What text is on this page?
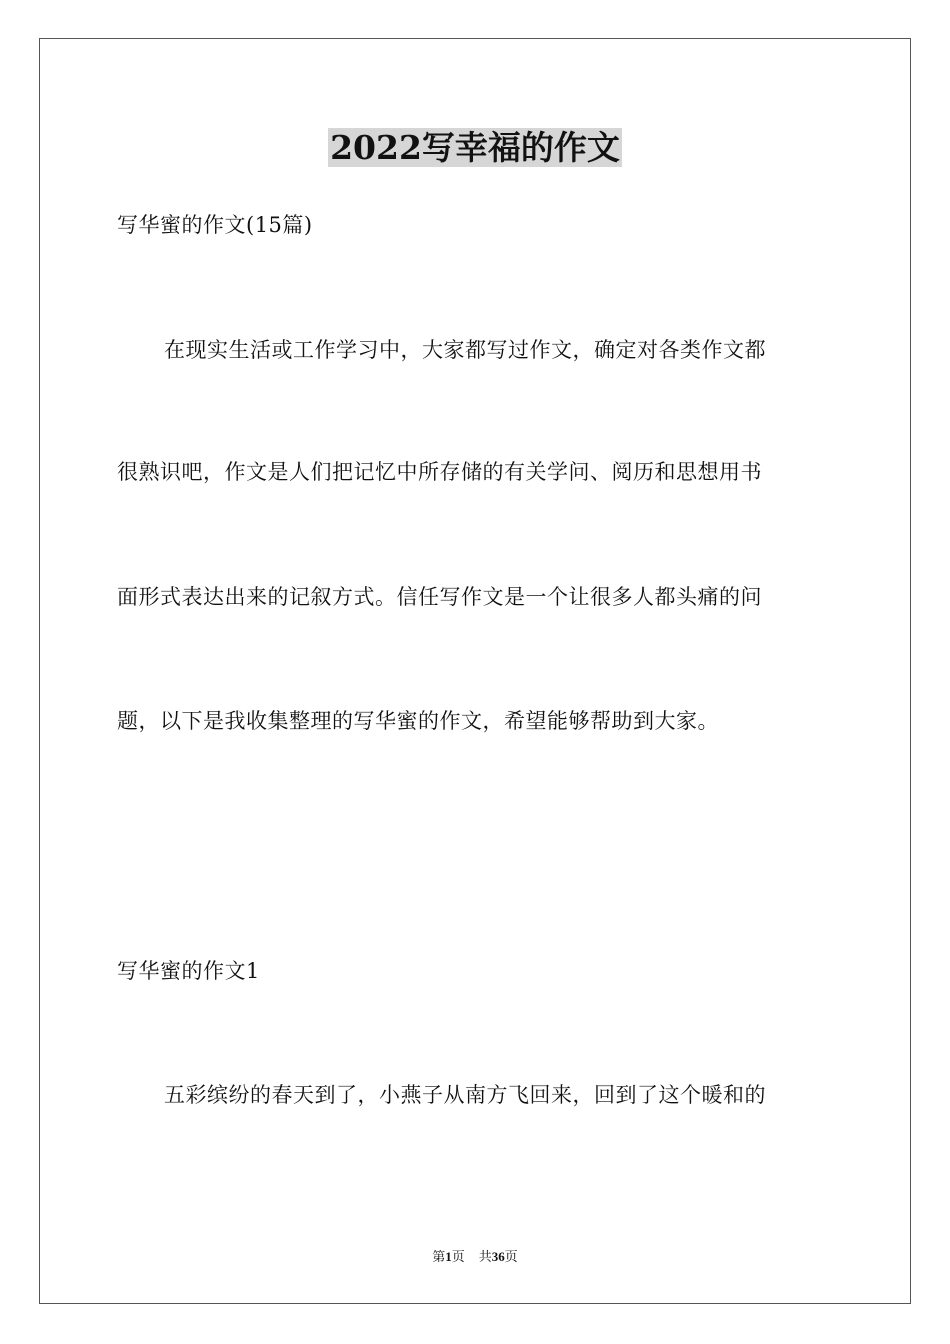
2022写幸福的作文
写华蜜的作文(15篇)
在现实生活或工作学习中，大家都写过作文，确定对各类作文都
很熟识吧，作文是人们把记忆中所存储的有关学问、阅历和思想用书
面形式表达出来的记叙方式。信任写作文是一个让很多人都头痛的问
题，以下是我收集整理的写华蜜的作文，希望能够帮助到大家。
写华蜜的作文1
五彩缤纷的春天到了，小燕子从南方飞回来，回到了这个暖和的
第1页 共36页
